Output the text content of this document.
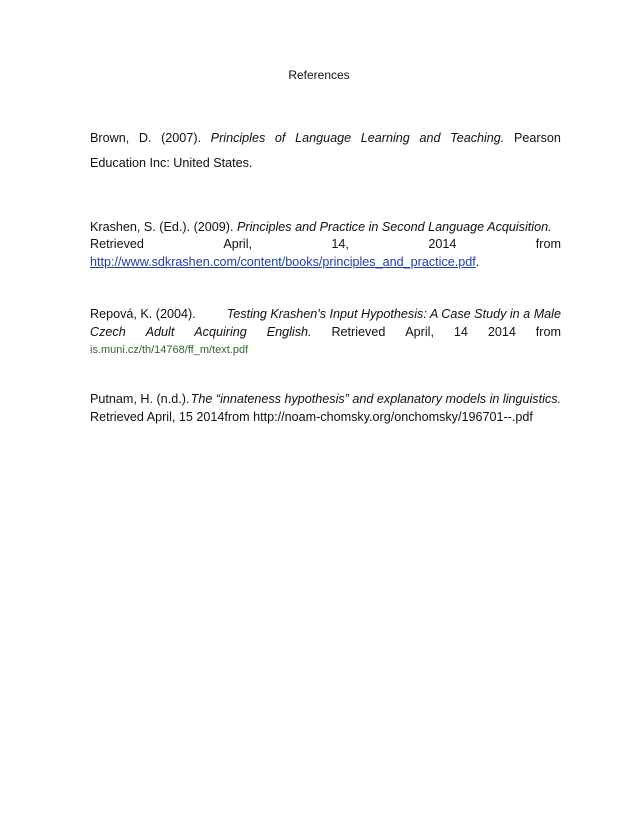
References
Brown, D. (2007). Principles of Language Learning and Teaching. Pearson
Education Inc: United States.
Krashen, S. (Ed.). (2009). Principles and Practice in Second Language Acquisition.
Retrieved	April,	14,	2014	from
http://www.sdkrashen.com/content/books/principles_and_practice.pdf.
Repová, K. (2004). Testing Krashen's Input Hypothesis: A Case Study in a Male
Czech Adult Acquiring English. Retrieved April, 14 2014 from
is.muni.cz/th/14768/ff_m/text.pdf
Putnam, H. (n.d.). The “innateness hypothesis” and explanatory models in linguistics.
Retrieved April, 15 2014from http://noam-chomsky.org/onchomsky/196701--.pdf
